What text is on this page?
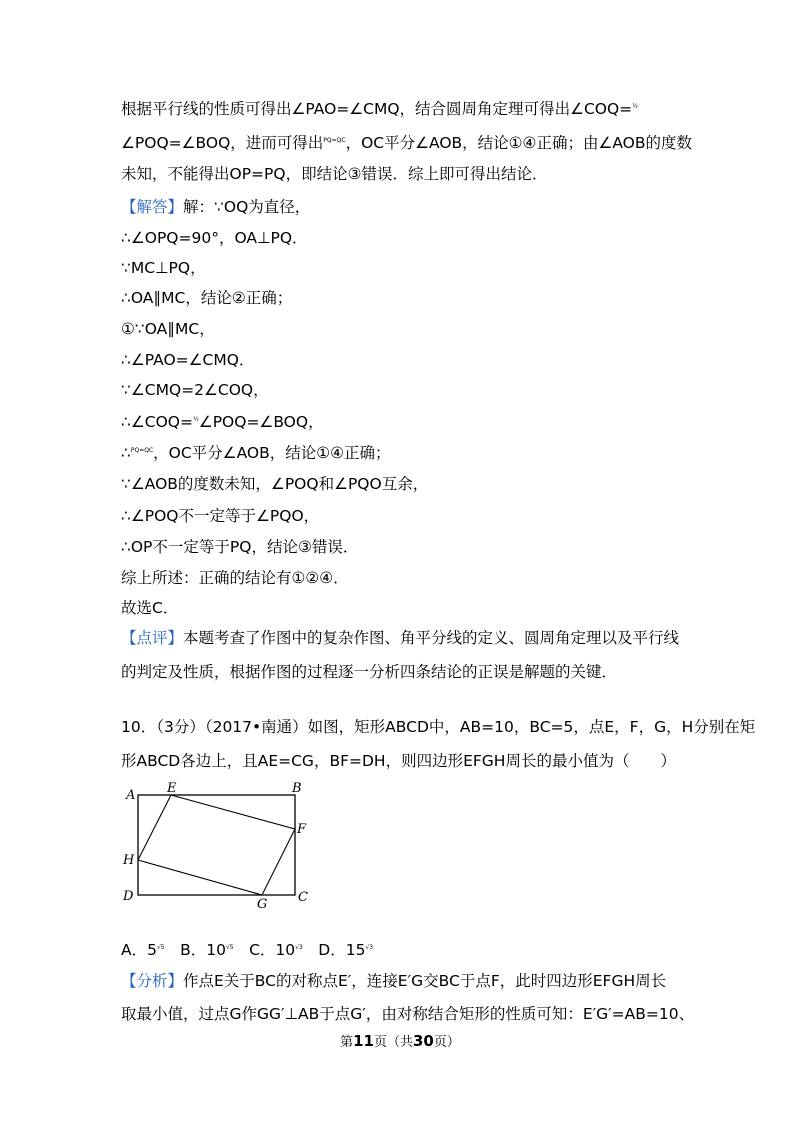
根据平行线的性质可得出∠PAO=∠CMQ，结合圆周角定理可得出∠COQ=$^{\frac{1}{2}}$
∠POQ=∠BOQ，进而可得出$^{PQ=QC}$，OC平分∠AOB，结论①④正确；由∠AOB的度数
未知，不能得出OP=PQ，即结论③错误．综上即可得出结论．
【解答】解：∵OQ为直径，
∴∠OPQ=90°，OA⊥PQ．
∵MC⊥PQ，
∴OA∥MC，结论②正确；
①∵OA∥MC，
∴∠PAO=∠CMQ．
∵∠CMQ=2∠COQ，
∴∠COQ=$^{\frac{1}{2}}$∠POQ=∠BOQ，
∴$^{PQ=QC}$，OC平分∠AOB，结论①④正确；
∵∠AOB的度数未知，∠POQ和∠PQO互余，
∴∠POQ不一定等于∠PQO，
∴OP不一定等于PQ，结论③错误．
综上所述：正确的结论有①②④．
故选C．
【点评】本题考查了作图中的复杂作图、角平分线的定义、圆周角定理以及平行线
的判定及性质，根据作图的过程逐一分析四条结论的正误是解题的关键．
10．（3分）（2017•南通）如图，矩形ABCD中，AB=10，BC=5，点E，F，G，H分别在矩
形ABCD各边上，且AE=CG，BF=DH，则四边形EFGH周长的最小值为（　　）
A．$5^{√5}$　B．$10^{√5}$　C．$10^{√3}$　D．$15^{√3}$
【分析】作点E关于BC的对称点E′，连接E′G交BC于点F，此时四边形EFGH周长
取最小值，过点G作GG′⊥AB于点G′，由对称结合矩形的性质可知：E′G′=AB=10、
A	B
C
D
E
F
G
H
第11页（共30页）
